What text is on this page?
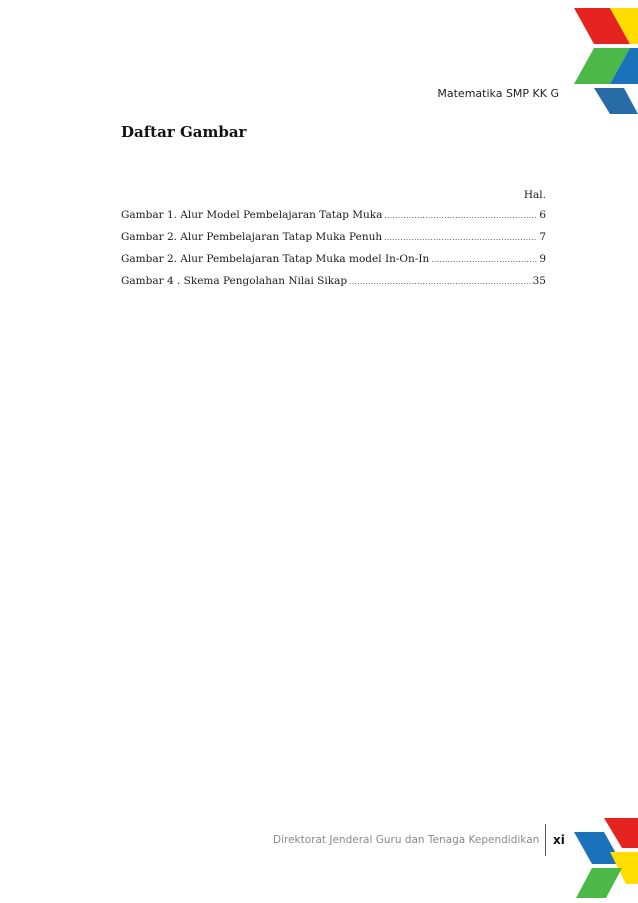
Matematika SMP KK G
Daftar Gambar
Hal.
Gambar 1. Alur Model Pembelajaran Tatap Muka .....	6
Gambar 2. Alur Pembelajaran Tatap Muka Penuh .....	7
Gambar 2. Alur Pembelajaran Tatap Muka model In-On-In .....	9
Gambar 4 . Skema Pengolahan Nilai Sikap .....	35
Direktorat Jenderal Guru dan Tenaga Kependidikan xi
